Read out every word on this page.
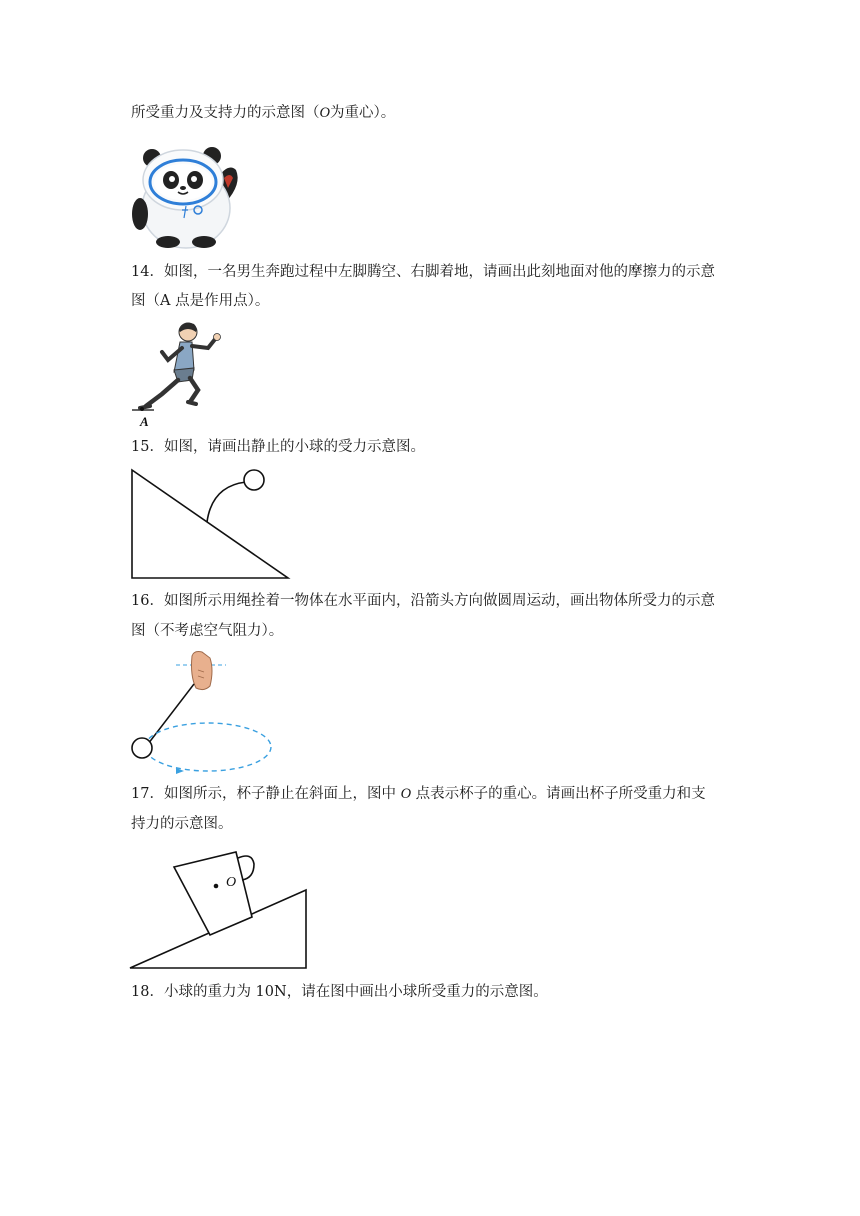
所受重力及支持力的示意图（O为重心）。
14．如图，一名男生奔跑过程中左脚腾空、右脚着地，请画出此刻地面对他的摩擦力的示意
图（A 点是作用点）。
A
15．如图，请画出静止的小球的受力示意图。
16．如图所示用绳拴着一物体在水平面内，沿箭头方向做圆周运动，画出物体所受力的示意
图（不考虑空气阻力）。
17．如图所示，杯子静止在斜面上，图中 O 点表示杯子的重心。请画出杯子所受重力和支
持力的示意图。
O
18．小球的重力为 10N，请在图中画出小球所受重力的示意图。
